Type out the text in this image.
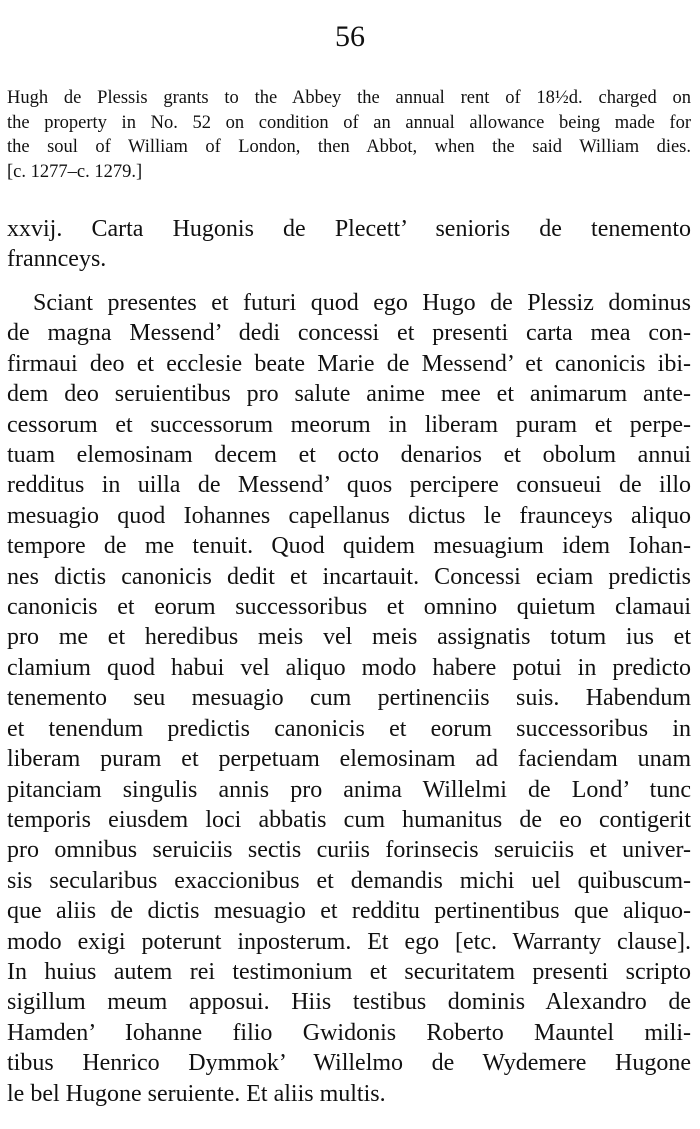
56
Hugh de Plessis grants to the Abbey the annual rent of 18½d. charged on
the property in No. 52 on condition of an annual allowance being made for
the soul of William of London, then Abbot, when the said William dies.
[c. 1277–c. 1279.]
xxvij. Carta Hugonis de Plecett’ senioris de tenemento
frannceys.
Sciant presentes et futuri quod ego Hugo de Plessiz dominus
de magna Messend’ dedi concessi et presenti carta mea con-
firmaui deo et ecclesie beate Marie de Messend’ et canonicis ibi-
dem deo seruientibus pro salute anime mee et animarum ante-
cessorum et successorum meorum in liberam puram et perpe-
tuam elemosinam decem et octo denarios et obolum annui
redditus in uilla de Messend’ quos percipere consueui de illo
mesuagio quod Iohannes capellanus dictus le fraunceys aliquo
tempore de me tenuit. Quod quidem mesuagium idem Iohan-
nes dictis canonicis dedit et incartauit. Concessi eciam predictis
canonicis et eorum successoribus et omnino quietum clamaui
pro me et heredibus meis vel meis assignatis totum ius et
clamium quod habui vel aliquo modo habere potui in predicto
tenemento seu mesuagio cum pertinenciis suis. Habendum
et tenendum predictis canonicis et eorum successoribus in
liberam puram et perpetuam elemosinam ad faciendam unam
pitanciam singulis annis pro anima Willelmi de Lond’ tunc
temporis eiusdem loci abbatis cum humanitus de eo contigerit
pro omnibus seruiciis sectis curiis forinsecis seruiciis et univer-
sis secularibus exaccionibus et demandis michi uel quibuscum-
que aliis de dictis mesuagio et redditu pertinentibus que aliquo-
modo exigi poterunt inposterum. Et ego [etc. Warranty clause].
In huius autem rei testimonium et securitatem presenti scripto
sigillum meum apposui. Hiis testibus dominis Alexandro de
Hamden’ Iohanne filio Gwidonis Roberto Mauntel mili-
tibus Henrico Dymmok’ Willelmo de Wydemere Hugone
le bel Hugone seruiente. Et aliis multis.
